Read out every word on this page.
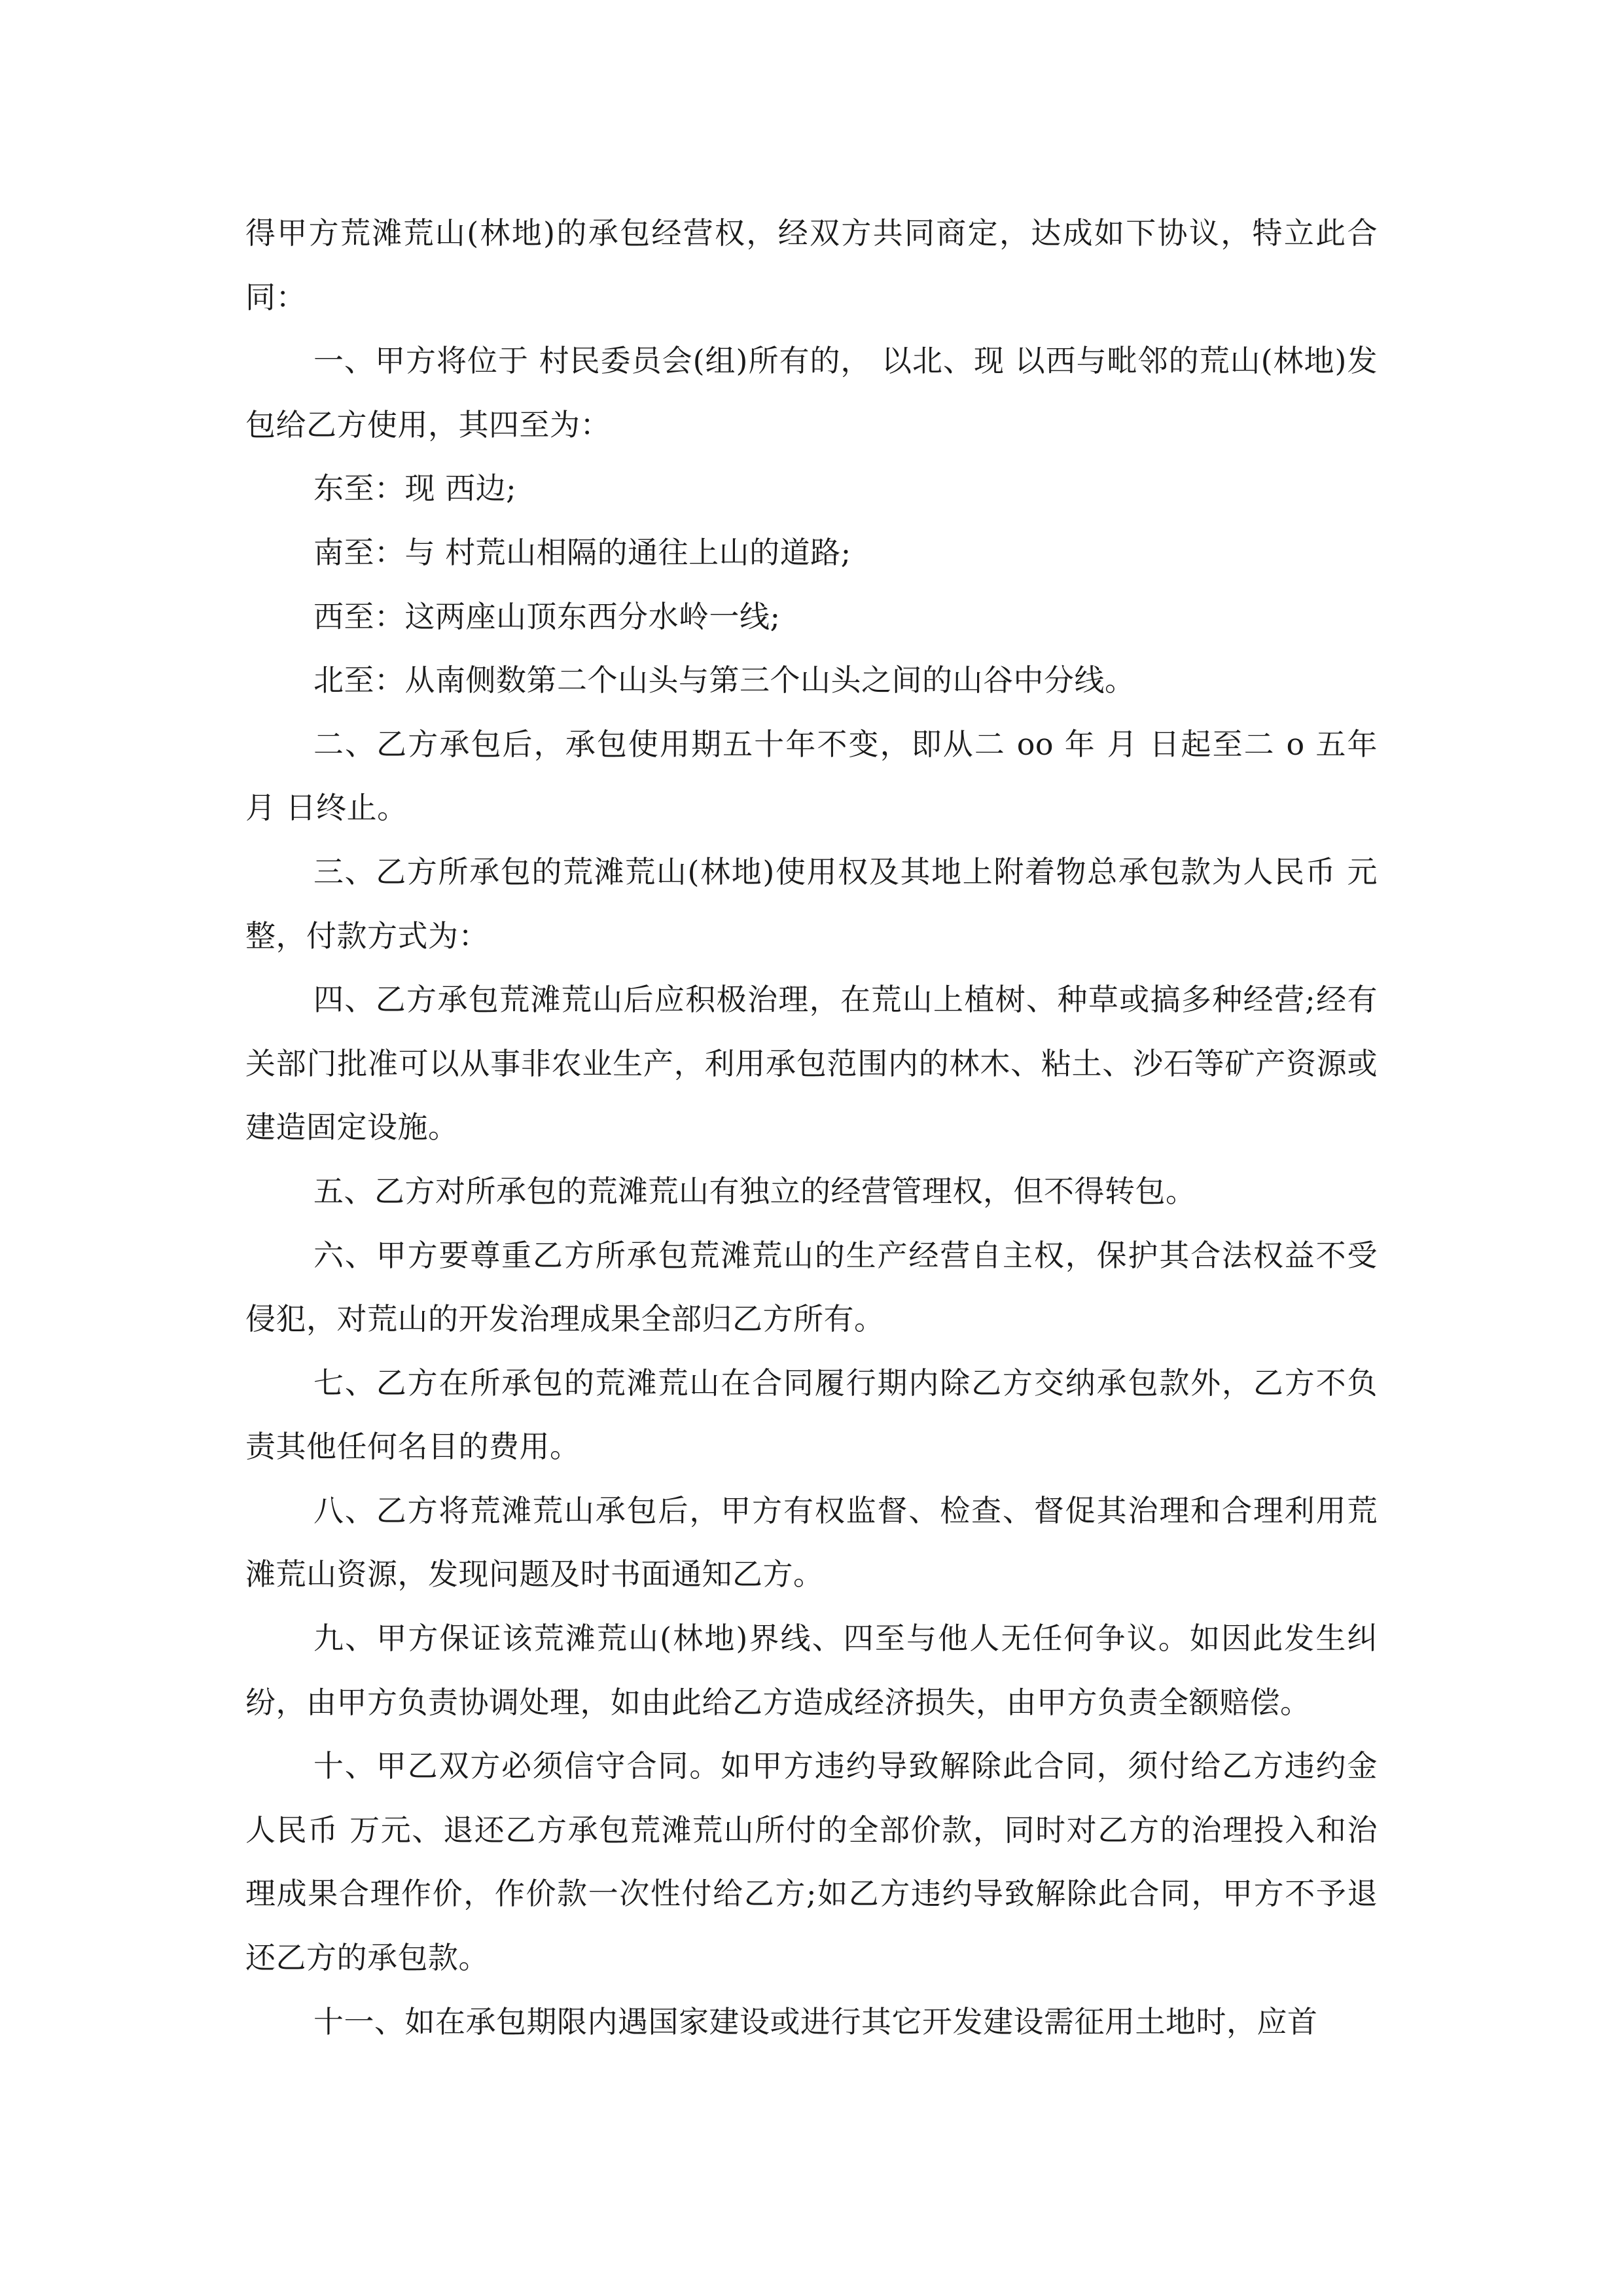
得甲方荒滩荒山(林地)的承包经营权，经双方共同商定，达成如下协议，特立此合同：

一、甲方将位于 村民委员会(组)所有的， 以北、现 以西与毗邻的荒山(林地)发包给乙方使用，其四至为：

东至：现 西边;

南至：与 村荒山相隔的通往上山的道路;

西至：这两座山顶东西分水岭一线;

北至：从南侧数第二个山头与第三个山头之间的山谷中分线。

二、乙方承包后，承包使用期五十年不变，即从二 oo 年 月 日起至二 o 五年 月 日终止。

三、乙方所承包的荒滩荒山(林地)使用权及其地上附着物总承包款为人民币 元整，付款方式为：

四、乙方承包荒滩荒山后应积极治理，在荒山上植树、种草或搞多种经营;经有关部门批准可以从事非农业生产，利用承包范围内的林木、粘土、沙石等矿产资源或建造固定设施。

五、乙方对所承包的荒滩荒山有独立的经营管理权，但不得转包。

六、甲方要尊重乙方所承包荒滩荒山的生产经营自主权，保护其合法权益不受侵犯，对荒山的开发治理成果全部归乙方所有。

七、乙方在所承包的荒滩荒山在合同履行期内除乙方交纳承包款外，乙方不负责其他任何名目的费用。

八、乙方将荒滩荒山承包后，甲方有权监督、检查、督促其治理和合理利用荒滩荒山资源，发现问题及时书面通知乙方。

九、甲方保证该荒滩荒山(林地)界线、四至与他人无任何争议。如因此发生纠纷，由甲方负责协调处理，如由此给乙方造成经济损失，由甲方负责全额赔偿。

十、甲乙双方必须信守合同。如甲方违约导致解除此合同，须付给乙方违约金人民币 万元、退还乙方承包荒滩荒山所付的全部价款，同时对乙方的治理投入和治理成果合理作价，作价款一次性付给乙方;如乙方违约导致解除此合同，甲方不予退还乙方的承包款。

十一、如在承包期限内遇国家建设或进行其它开发建设需征用土地时，应首
